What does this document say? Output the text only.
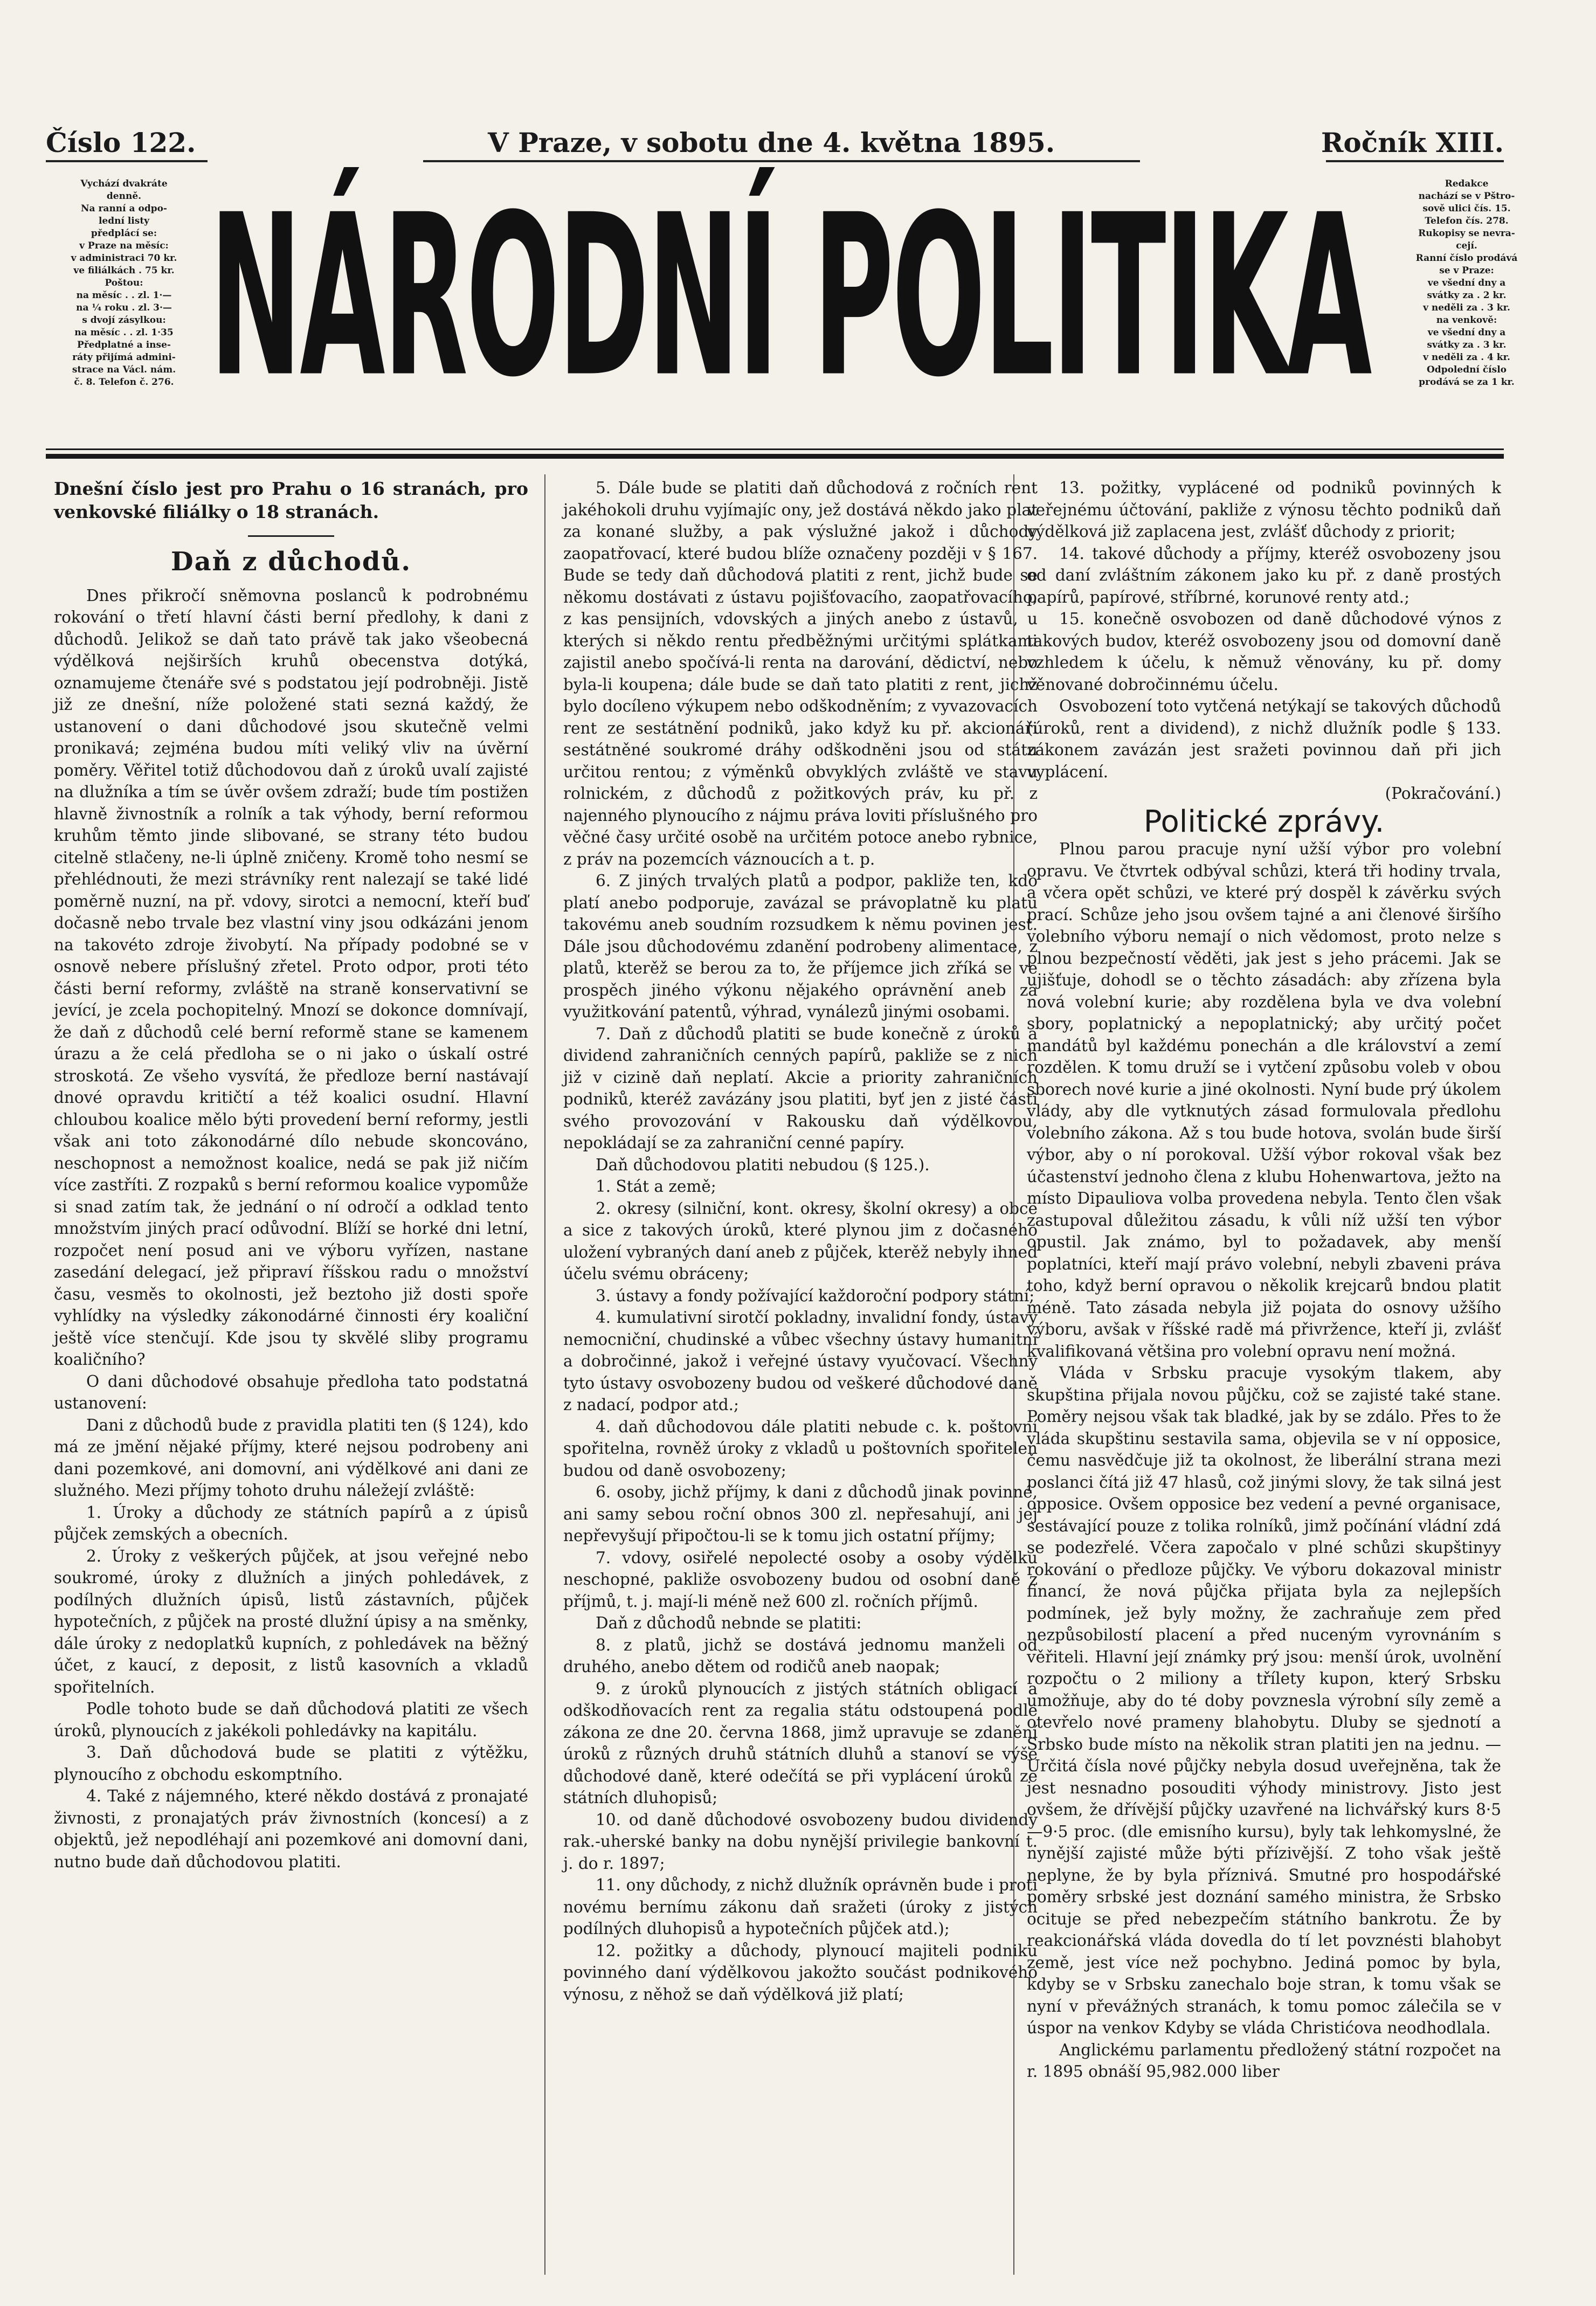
Číslo 122.	V Praze, v sobotu dne 4. května 1895.	Ročník XIII.
Vychází dvakráte
denně.
Na ranní a odpo-
lední listy
předplácí se:
v Praze na měsíc:
v administraci 70 kr.
ve filiálkách . 75 kr.
Poštou:
na měsíc . . zl. 1·—
na ¼ roku . zl. 3·—
s dvojí zásylkou:
na měsíc . . zl. 1·35
Předplatné a inse-
ráty přijímá admini-
strace na Václ. nám.
č. 8. Telefon č. 276. NÁRODNÍ POLITIKA	Redakce
nachází se v Pštro-
sově ulici čís. 15.
Telefon čís. 278.
Rukopisy se nevra-
cejí.
Ranní číslo prodává
se v Praze:
ve všední dny a
svátky za . 2 kr.
v neděli za . 3 kr.
na venkově:
ve všední dny a
svátky za . 3 kr.
v neděli za . 4 kr.
Odpolední číslo
prodává se za 1 kr.

Dnešní číslo jest pro Prahu o 16 stranách, pro venkovské filiálky o 18 stranách.

Daň z důchodů.

Dnes přikročí sněmovna poslanců k podrobnému rokování o třetí hlavní části berní předlohy, k dani z důchodů. Jelikož se daň tato právě tak jako všeobecná výdělková nejširších kruhů obecenstva dotýká, oznamujeme čtenáře své s podstatou její podrobněji. Jistě již ze dnešní, níže položené stati sezná každý, že ustanovení o dani důchodové jsou skutečně velmi pronikavá; zejména budou míti veliký vliv na úvěrní poměry. Věřitel totiž důchodovou daň z úroků uvalí zajisté na dlužníka a tím se úvěr ovšem zdraží; bude tím postižen hlavně živnostník a rolník a tak výhody, berní reformou kruhům těmto jinde slibované, se strany této budou citelně stlačeny, ne-li úplně zničeny. Kromě toho nesmí se přehlédnouti, že mezi strávníky rent nalezají se také lidé poměrně nuzní, na př. vdovy, sirotci a nemocní, kteří buď dočasně nebo trvale bez vlastní viny jsou odkázáni jenom na takovéto zdroje živobytí. Na případy podobné se v osnově nebere příslušný zřetel. Proto odpor, proti této části berní reformy, zvláště na straně konservativní se jevící, je zcela pochopitelný. Mnozí se dokonce domnívají, že daň z důchodů celé berní reformě stane se kamenem úrazu a že celá předloha se o ni jako o úskalí ostré stroskotá. Ze všeho vysvítá, že předloze berní nastávají dnové opravdu kritičtí a též koalici osudní. Hlavní chloubou koalice mělo býti provedení berní reformy, jestli však ani toto zákonodárné dílo nebude skoncováno, neschopnost a nemožnost koalice, nedá se pak již ničím více zastříti. Z rozpaků s berní reformou koalice vypomůže si snad zatím tak, že jednání o ní odročí a odklad tento množstvím jiných prací odůvodní. Blíží se horké dni letní, rozpočet není posud ani ve výboru vyřízen, nastane zasedání delegací, jež připraví říšskou radu o množství času, vesměs to okolnosti, jež beztoho již dosti spoře vyhlídky na výsledky zákonodárné činnosti éry koaliční ještě více stenčují. Kde jsou ty skvělé sliby programu koaličního?

O dani důchodové obsahuje předloha tato podstatná ustanovení:

Dani z důchodů bude z pravidla platiti ten (§ 124), kdo má ze jmění nějaké příjmy, které nejsou podrobeny ani dani pozemkové, ani domovní, ani výdělkové ani dani ze služného. Mezi příjmy tohoto druhu náležejí zvláště:

1. Úroky a důchody ze státních papírů a z úpisů půjček zemských a obecních.

2. Úroky z veškerých půjček, at jsou veřejné nebo soukromé, úroky z dlužních a jiných pohledávek, z podílných dlužních úpisů, listů zástavních, půjček hypotečních, z půjček na prosté dlužní úpisy a na směnky, dále úroky z nedoplatků kupních, z pohledávek na běžný účet, z kaucí, z deposit, z listů kasovních a vkladů spořitelních.

Podle tohoto bude se daň důchodová platiti ze všech úroků, plynoucích z jakékoli pohledávky na kapitálu.

3. Daň důchodová bude se platiti z výtěžku, plynoucího z obchodu eskomptního.

4. Také z nájemného, které někdo dostává z pronajaté živnosti, z pronajatých práv živnostních (koncesí) a z objektů, jež nepodléhají ani pozemkové ani domovní dani, nutno bude daň důchodovou platiti.

5. Dále bude se platiti daň důchodová z ročních rent jakéhokoli druhu vyjímajíc ony, jež dostává někdo jako plat za konané služby, a pak výslužné jakož i důchody zaopatřovací, které budou blíže označeny později v § 167. Bude se tedy daň důchodová platiti z rent, jichž bude se někomu dostávati z ústavu pojišťovacího, zaopatřovacího, z kas pensijních, vdovských a jiných anebo z ústavů, u kterých si někdo rentu předběžnými určitými splátkami zajistil anebo spočívá-li renta na darování, dědictví, nebo byla-li koupena; dále bude se daň tato platiti z rent, jichž bylo docíleno výkupem nebo odškodněním; z vyvazovacích rent ze sestátnění podniků, jako když ku př. akcionáři sestátněné soukromé dráhy odškodněni jsou od státu určitou rentou; z výměnků obvyklých zvláště ve stavu rolnickém, z důchodů z požitkových práv, ku př. z najenného plynoucího z nájmu práva loviti příslušného pro věčné časy určité osobě na určitém potoce anebo rybnice, z práv na pozemcích váznoucích a t. p.

6. Z jiných trvalých platů a podpor, pakliže ten, kdo platí anebo podporuje, zavázal se právoplatně ku platu takovému aneb soudním rozsudkem k němu povinen jest. Dále jsou důchodovému zdanění podrobeny alimentace, z platů, kterěž se berou za to, že příjemce jich zříká se ve prospěch jiného výkonu nějakého oprávnění aneb za využitkování patentů, výhrad, vynálezů jinými osobami.

7. Daň z důchodů platiti se bude konečně z úroků a dividend zahraničních cenných papírů, pakliže se z nich již v cizině daň neplatí. Akcie a priority zahraničních podniků, kteréž zavázány jsou platiti, byť jen z jisté části svého provozování v Rakousku daň výdělkovou, nepokládají se za zahraniční cenné papíry.

Daň důchodovou platiti nebudou (§ 125.).

1. Stát a země;

2. okresy (silniční, kont. okresy, školní okresy) a obce a sice z takových úroků, které plynou jim z dočasného uložení vybraných daní aneb z půjček, kterěž nebyly ihned účelu svému obráceny;

3. ústavy a fondy požívající každoroční podpory státní;

4. kumulativní sirotčí pokladny, invalidní fondy, ústavy nemocniční, chudinské a vůbec všechny ústavy humanitní a dobročinné, jakož i veřejné ústavy vyučovací. Všechny tyto ústavy osvobozeny budou od veškeré důchodové daně z nadací, podpor atd.;

4. daň důchodovou dále platiti nebude c. k. poštovní spořitelna, rovněž úroky z vkladů u poštovních spořitelen budou od daně osvobozeny;

6. osoby, jichž příjmy, k dani z důchodů jinak povinné, ani samy sebou roční obnos 300 zl. nepřesahují, ani jej nepřevyšují připočtou-li se k tomu jich ostatní příjmy;

7. vdovy, osiřelé nepolecté osoby a osoby výdělku neschopné, pakliže osvobozeny budou od osobní daně z příjmů, t. j. mají-li méně než 600 zl. ročních příjmů.

Daň z důchodů nebnde se platiti:

8. z platů, jichž se dostává jednomu manželi od druhého, anebo dětem od rodičů aneb naopak;

9. z úroků plynoucích z jistých státních obligací a odškodňovacích rent za regalia státu odstoupená podle zákona ze dne 20. června 1868, jimž upravuje se zdanění úroků z různých druhů státních dluhů a stanoví se výše důchodové daně, které odečítá se při vyplácení úroků ze státních dluhopisů;

10. od daně důchodové osvobozeny budou dividendy rak.-uherské banky na dobu nynější privilegie bankovní t. j. do r. 1897;

11. ony důchody, z nichž dlužník oprávněn bude i proti novému bernímu zákonu daň sražeti (úroky z jistých podílných dluhopisů a hypotečních půjček atd.);

12. požitky a důchody, plynoucí majiteli podniku povinného daní výdělkovou jakožto součást podnikového výnosu, z něhož se daň výdělková již platí;

13. požitky, vyplácené od podniků povinných k veřejnému účtování, pakliže z výnosu těchto podniků daň výdělková již zaplacena jest, zvlášť důchody z priorit;

14. takové důchody a příjmy, kteréž osvobozeny jsou od daní zvláštním zákonem jako ku př. z daně prostých papírů, papírové, stříbrné, korunové renty atd.;

15. konečně osvobozen od daně důchodové výnos z takových budov, kteréž osvobozeny jsou od domovní daně vzhledem k účelu, k němuž věnovány, ku př. domy věnované dobročinnému účelu.

Osvobození toto vytčená netýkají se takových důchodů (úroků, rent a dividend), z nichž dlužník podle § 133. zákonem zavázán jest sražeti povinnou daň při jich vyplácení.

(Pokračování.)

Politické zprávy.

Plnou parou pracuje nyní užší výbor pro volební opravu. Ve čtvrtek odbýval schůzi, která tři hodiny trvala, a včera opět schůzi, ve které prý dospěl k závěrku svých prací. Schůze jeho jsou ovšem tajné a ani členové širšího volebního výboru nemají o nich vědomost, proto nelze s plnou bezpečností věděti, jak jest s jeho prácemi. Jak se ujišťuje, dohodl se o těchto zásadách: aby zřízena byla nová volební kurie; aby rozdělena byla ve dva volební sbory, poplatnický a nepoplatnický; aby určitý počet mandátů byl každému ponechán a dle království a zemí rozdělen. K tomu druží se i vytčení způsobu voleb v obou sborech nové kurie a jiné okolnosti. Nyní bude prý úkolem vlády, aby dle vytknutých zásad formulovala předlohu volebního zákona. Až s tou bude hotova, svolán bude širší výbor, aby o ní porokoval. Užší výbor rokoval však bez účastenství jednoho člena z klubu Hohenwartova, ježto na místo Dipauliova volba provedena nebyla. Tento člen však zastupoval důležitou zásadu, k vůli níž užší ten výbor opustil. Jak známo, byl to požadavek, aby menší poplatníci, kteří mají právo volební, nebyli zbaveni práva toho, když berní opravou o několik krejcarů bndou platit méně. Tato zásada nebyla již pojata do osnovy užšího výboru, avšak v říšské radě má přivržence, kteří ji, zvlášť kvalifikovaná většina pro volební opravu není možná.

Vláda v Srbsku pracuje vysokým tlakem, aby skupština přijala novou půjčku, což se zajisté také stane. Poměry nejsou však tak bladké, jak by se zdálo. Přes to že vláda skupštinu sestavila sama, objevila se v ní opposice, čemu nasvědčuje již ta okolnost, že liberální strana mezi poslanci čítá již 47 hlasů, což jinými slovy, že tak silná jest opposice. Ovšem opposice bez vedení a pevné organisace, sestávající pouze z tolika rolníků, jimž počínání vládní zdá se podezřelé. Včera započalo v plné schůzi skupštinyy rokování o předloze půjčky. Ve výboru dokazoval ministr financí, že nová půjčka přijata byla za nejlepších podmínek, jež byly možny, že zachraňuje zem před nezpůsobilostí placení a před nuceným vyrovnáním s věřiteli. Hlavní její známky prý jsou: menší úrok, uvolnění rozpočtu o 2 miliony a třílety kupon, který Srbsku umožňuje, aby do té doby povznesla výrobní síly země a otevřelo nové prameny blahobytu. Dluby se sjednotí a Srbsko bude místo na několik stran platiti jen na jednu. — Určitá čísla nové půjčky nebyla dosud uveřejněna, tak že jest nesnadno posouditi výhody ministrovy. Jisto jest ovšem, že dřívější půjčky uzavřené na lichvářský kurs 8·5—9·5 proc. (dle emisního kursu), byly tak lehkomyslné, že nynější zajisté může býti přízivější. Z toho však ještě neplyne, že by byla příznivá. Smutné pro hospodářské poměry srbské jest doznání samého ministra, že Srbsko ocituje se před nebezpečím státního bankrotu. Že by reakcionářská vláda dovedla do tí let povznésti blahobyt země, jest více než pochybno. Jediná pomoc by byla, kdyby se v Srbsku zanechalo boje stran, k tomu však se nyní v převážných stranách, k tomu pomoc zálečila se v úspor na venkov Kdyby se vláda Christićova neodhodlala.

Anglickému parlamentu předložený státní rozpočet na r. 1895 obnáší 95,982.000 liber
